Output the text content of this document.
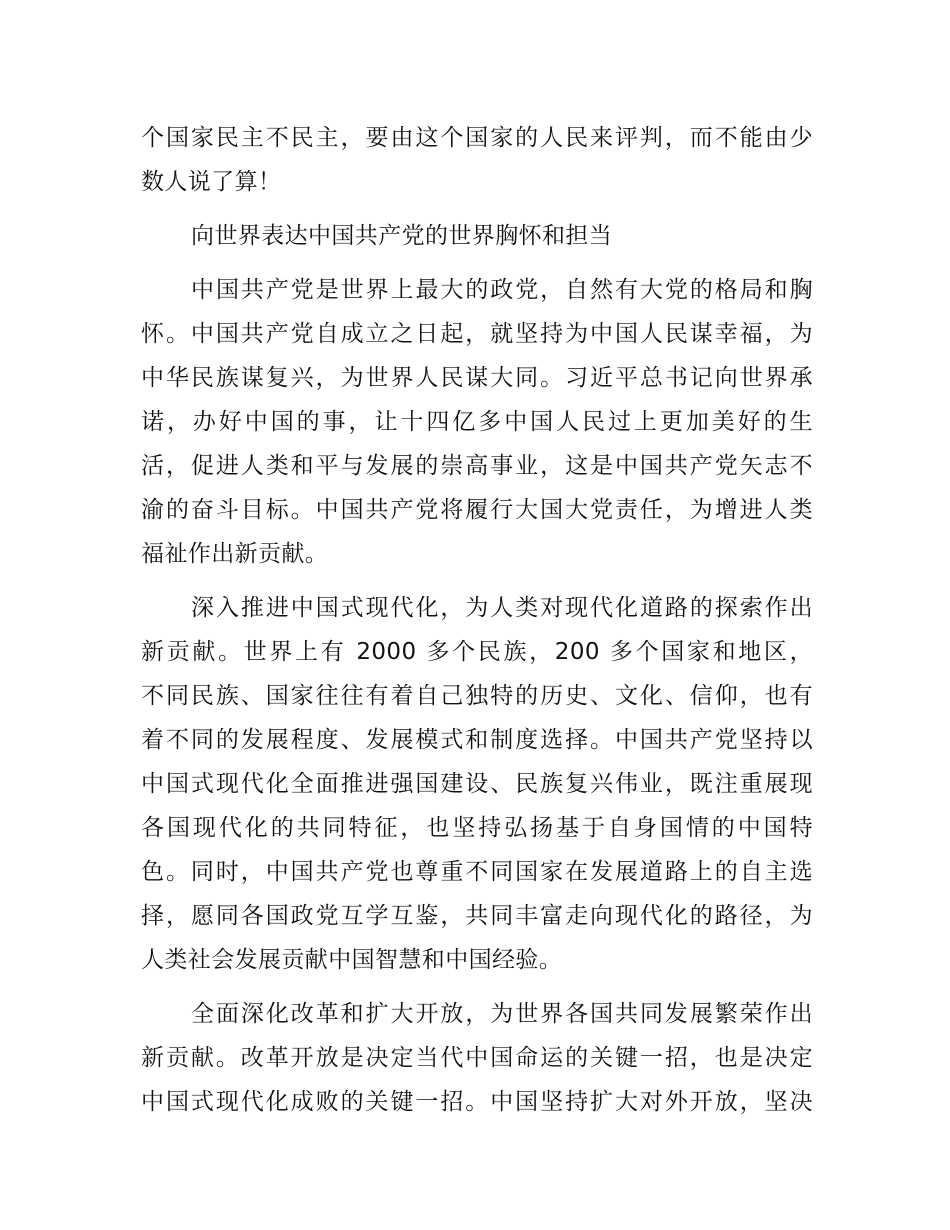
个国家民主不民主，要由这个国家的人民来评判，而不能由少
数人说了算！

向世界表达中国共产党的世界胸怀和担当

中国共产党是世界上最大的政党，自然有大党的格局和胸
怀。中国共产党自成立之日起，就坚持为中国人民谋幸福，为
中华民族谋复兴，为世界人民谋大同。习近平总书记向世界承
诺，办好中国的事，让十四亿多中国人民过上更加美好的生
活，促进人类和平与发展的崇高事业，这是中国共产党矢志不
渝的奋斗目标。中国共产党将履行大国大党责任，为增进人类
福祉作出新贡献。

深入推进中国式现代化，为人类对现代化道路的探索作出
新贡献。世界上有 2000 多个民族，200 多个国家和地区，
不同民族、国家往往有着自己独特的历史、文化、信仰，也有
着不同的发展程度、发展模式和制度选择。中国共产党坚持以
中国式现代化全面推进强国建设、民族复兴伟业，既注重展现
各国现代化的共同特征，也坚持弘扬基于自身国情的中国特
色。同时，中国共产党也尊重不同国家在发展道路上的自主选
择，愿同各国政党互学互鉴，共同丰富走向现代化的路径，为
人类社会发展贡献中国智慧和中国经验。

全面深化改革和扩大开放，为世界各国共同发展繁荣作出
新贡献。改革开放是决定当代中国命运的关键一招，也是决定
中国式现代化成败的关键一招。中国坚持扩大对外开放，坚决
